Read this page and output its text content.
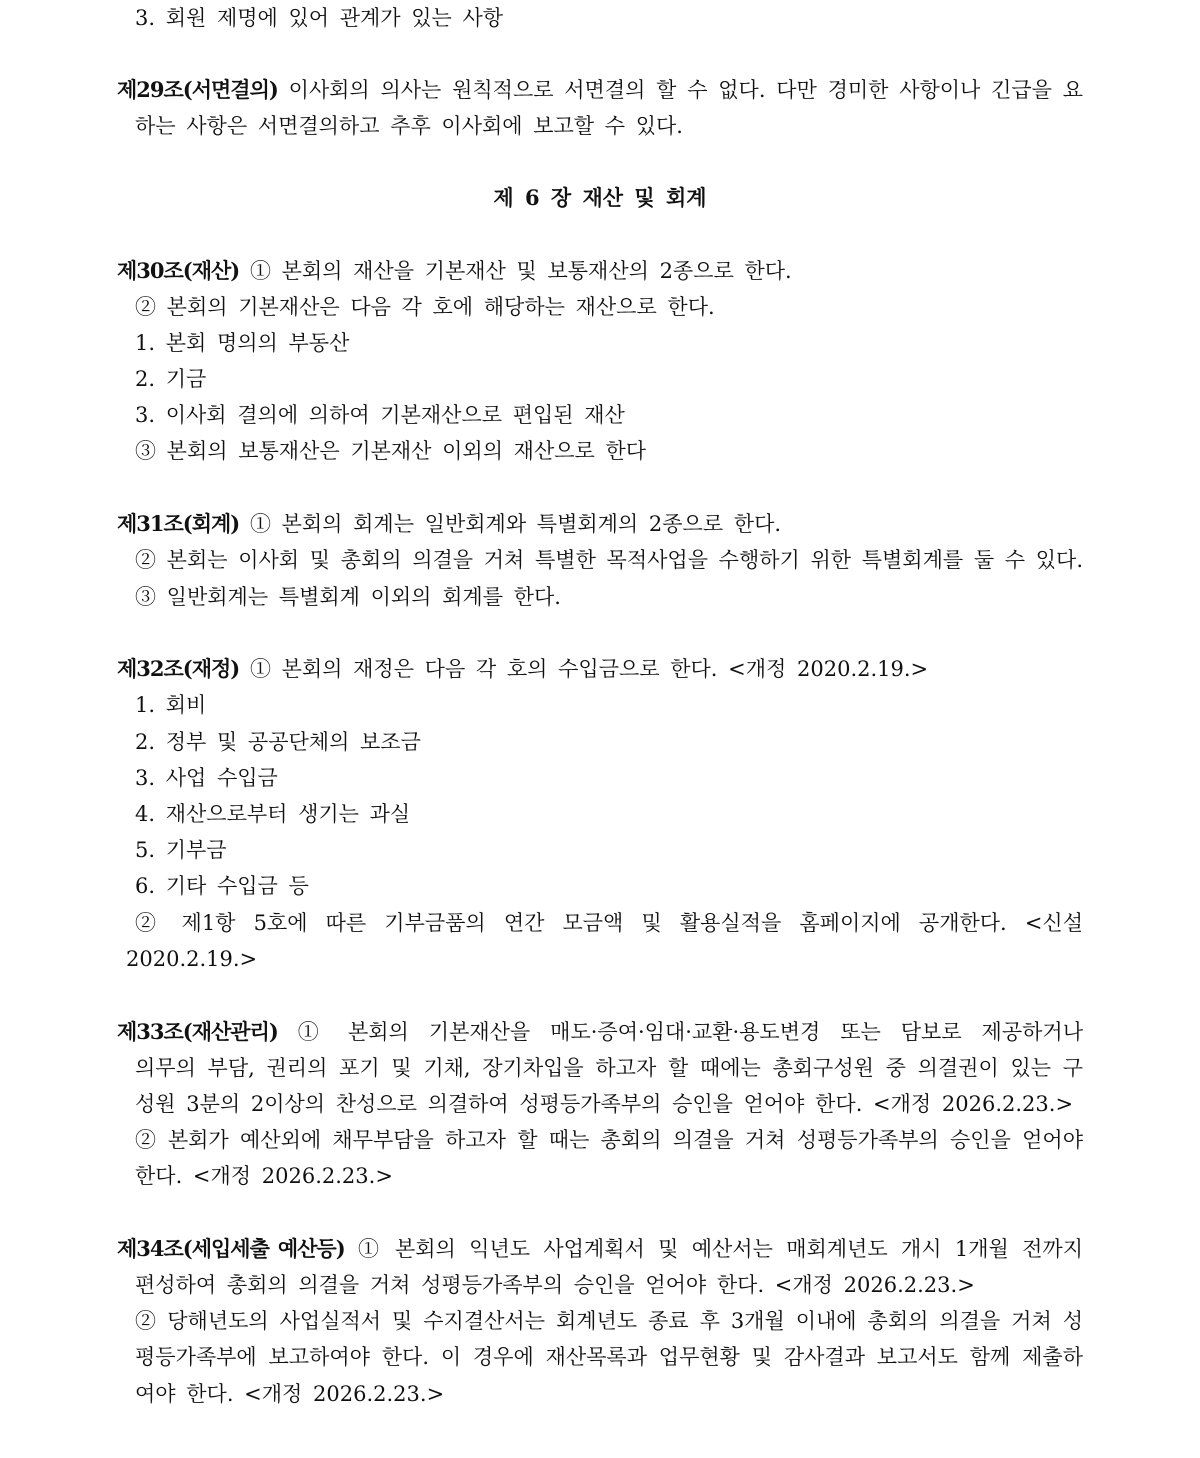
3. 회원 제명에 있어 관계가 있는 사항
제29조(서면결의) 이사회의 의사는 원칙적으로 서면결의 할 수 없다. 다만 경미한 사항이나 긴급을 요
하는 사항은 서면결의하고 추후 이사회에 보고할 수 있다.
제 6 장 재산 및 회계
제30조(재산) ① 본회의 재산을 기본재산 및 보통재산의 2종으로 한다.
② 본회의 기본재산은 다음 각 호에 해당하는 재산으로 한다.
1. 본회 명의의 부동산
2. 기금
3. 이사회 결의에 의하여 기본재산으로 편입된 재산
③ 본회의 보통재산은 기본재산 이외의 재산으로 한다
제31조(회계) ① 본회의 회계는 일반회계와 특별회계의 2종으로 한다.
② 본회는 이사회 및 총회의 의결을 거쳐 특별한 목적사업을 수행하기 위한 특별회계를 둘 수 있다.
③ 일반회계는 특별회계 이외의 회계를 한다.
제32조(재정) ① 본회의 재정은 다음 각 호의 수입금으로 한다. <개정 2020.2.19.>
1. 회비
2. 정부 및 공공단체의 보조금
3. 사업 수입금
4. 재산으로부터 생기는 과실
5. 기부금
6. 기타 수입금 등
② 제1항 5호에 따른 기부금품의 연간 모금액 및 활용실적을 홈페이지에 공개한다. <신설
2020.2.19.>
제33조(재산관리) ① 본회의 기본재산을 매도·증여·임대·교환·용도변경 또는 담보로 제공하거나
의무의 부담, 권리의 포기 및 기채, 장기차입을 하고자 할 때에는 총회구성원 중 의결권이 있는 구
성원 3분의 2이상의 찬성으로 의결하여 성평등가족부의 승인을 얻어야 한다. <개정 2026.2.23.>
② 본회가 예산외에 채무부담을 하고자 할 때는 총회의 의결을 거쳐 성평등가족부의 승인을 얻어야
한다. <개정 2026.2.23.>
제34조(세입세출 예산등) ① 본회의 익년도 사업계획서 및 예산서는 매회계년도 개시 1개월 전까지
편성하여 총회의 의결을 거쳐 성평등가족부의 승인을 얻어야 한다. <개정 2026.2.23.>
② 당해년도의 사업실적서 및 수지결산서는 회계년도 종료 후 3개월 이내에 총회의 의결을 거쳐 성
평등가족부에 보고하여야 한다. 이 경우에 재산목록과 업무현황 및 감사결과 보고서도 함께 제출하
여야 한다. <개정 2026.2.23.>
